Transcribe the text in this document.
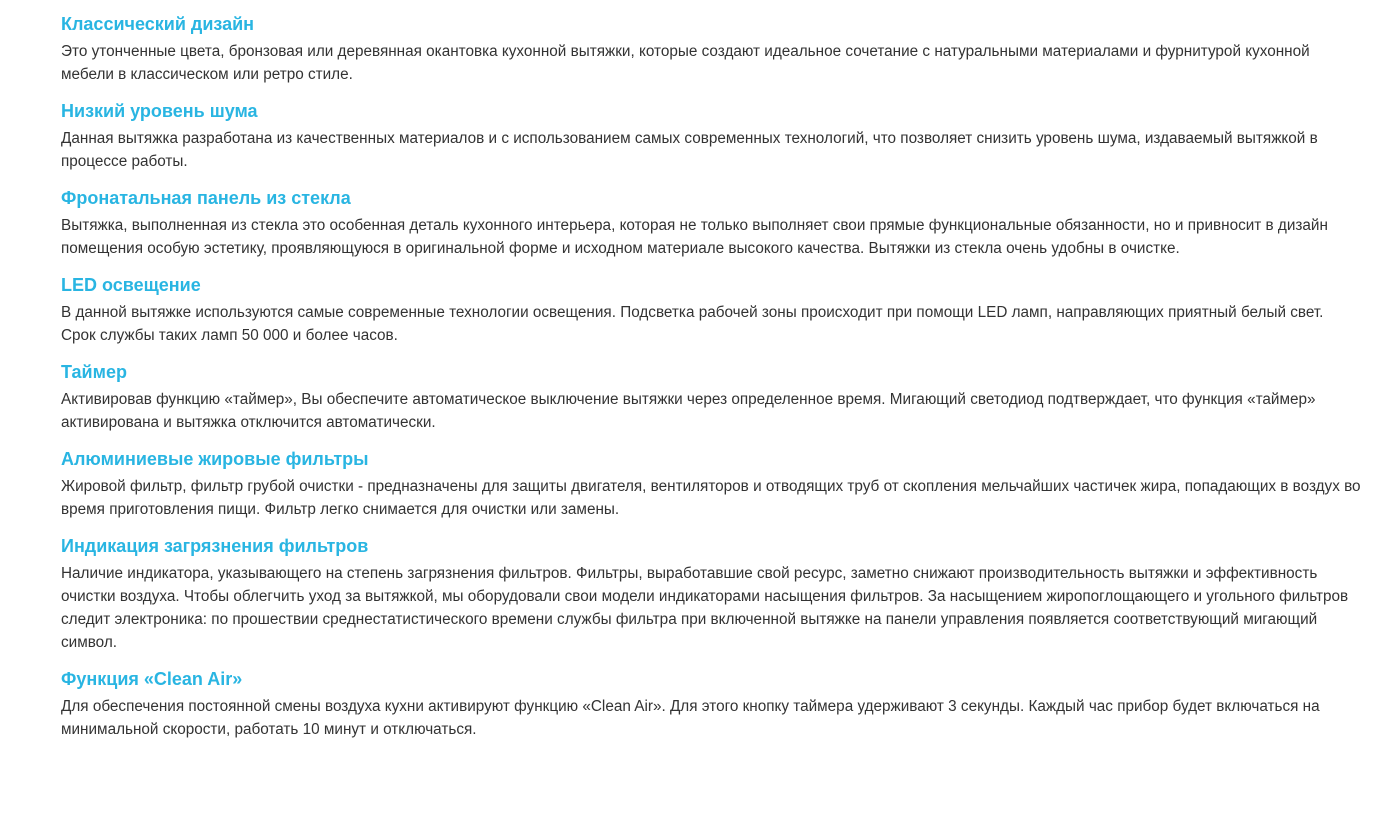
Классический дизайн

Это утонченные цвета, бронзовая или деревянная окантовка кухонной вытяжки, которые создают идеальное сочетание с натуральными материалами и фурнитурой кухонной мебели в классическом или ретро стиле.

Низкий уровень шума

Данная вытяжка разработана из качественных материалов и с использованием самых современных технологий, что позволяет снизить уровень шума, издаваемый вытяжкой в процессе работы.

Фронатальная панель из стекла

Вытяжка, выполненная из стекла это особенная деталь кухонного интерьера, которая не только выполняет свои прямые функциональные обязанности, но и привносит в дизайн помещения особую эстетику, проявляющуюся в оригинальной форме и исходном материале высокого качества. Вытяжки из стекла очень удобны в очистке.

LED освещение

В данной вытяжке используются самые современные технологии освещения. Подсветка рабочей зоны происходит при помощи LED ламп, направляющих приятный белый свет. Срок службы таких ламп 50 000 и более часов.

Таймер

Активировав функцию «таймер», Вы обеспечите автоматическое выключение вытяжки через определенное время. Мигающий светодиод подтверждает, что функция «таймер» активирована и вытяжка отключится автоматически.

Алюминиевые жировые фильтры

Жировой фильтр, фильтр грубой очистки - предназначены для защиты двигателя, вентиляторов и отводящих труб от скопления мельчайших частичек жира, попадающих в воздух во время приготовления пищи. Фильтр легко снимается для очистки или замены.

Индикация загрязнения фильтров

Наличие индикатора, указывающего на степень загрязнения фильтров. Фильтры, выработавшие свой ресурс, заметно снижают производительность вытяжки и эффективность очистки воздуха. Чтобы облегчить уход за вытяжкой, мы оборудовали свои модели индикаторами насыщения фильтров. За насыщением жиропоглощающего и угольного фильтров следит электроника: по прошествии среднестатистического времени службы фильтра при включенной вытяжке на панели управления появляется соответствующий мигающий символ.

Функция «Clean Air»

Для обеспечения постоянной смены воздуха кухни активируют функцию «Clean Air». Для этого кнопку таймера удерживают 3 секунды. Каждый час прибор будет включаться на минимальной скорости, работать 10 минут и отключаться.
